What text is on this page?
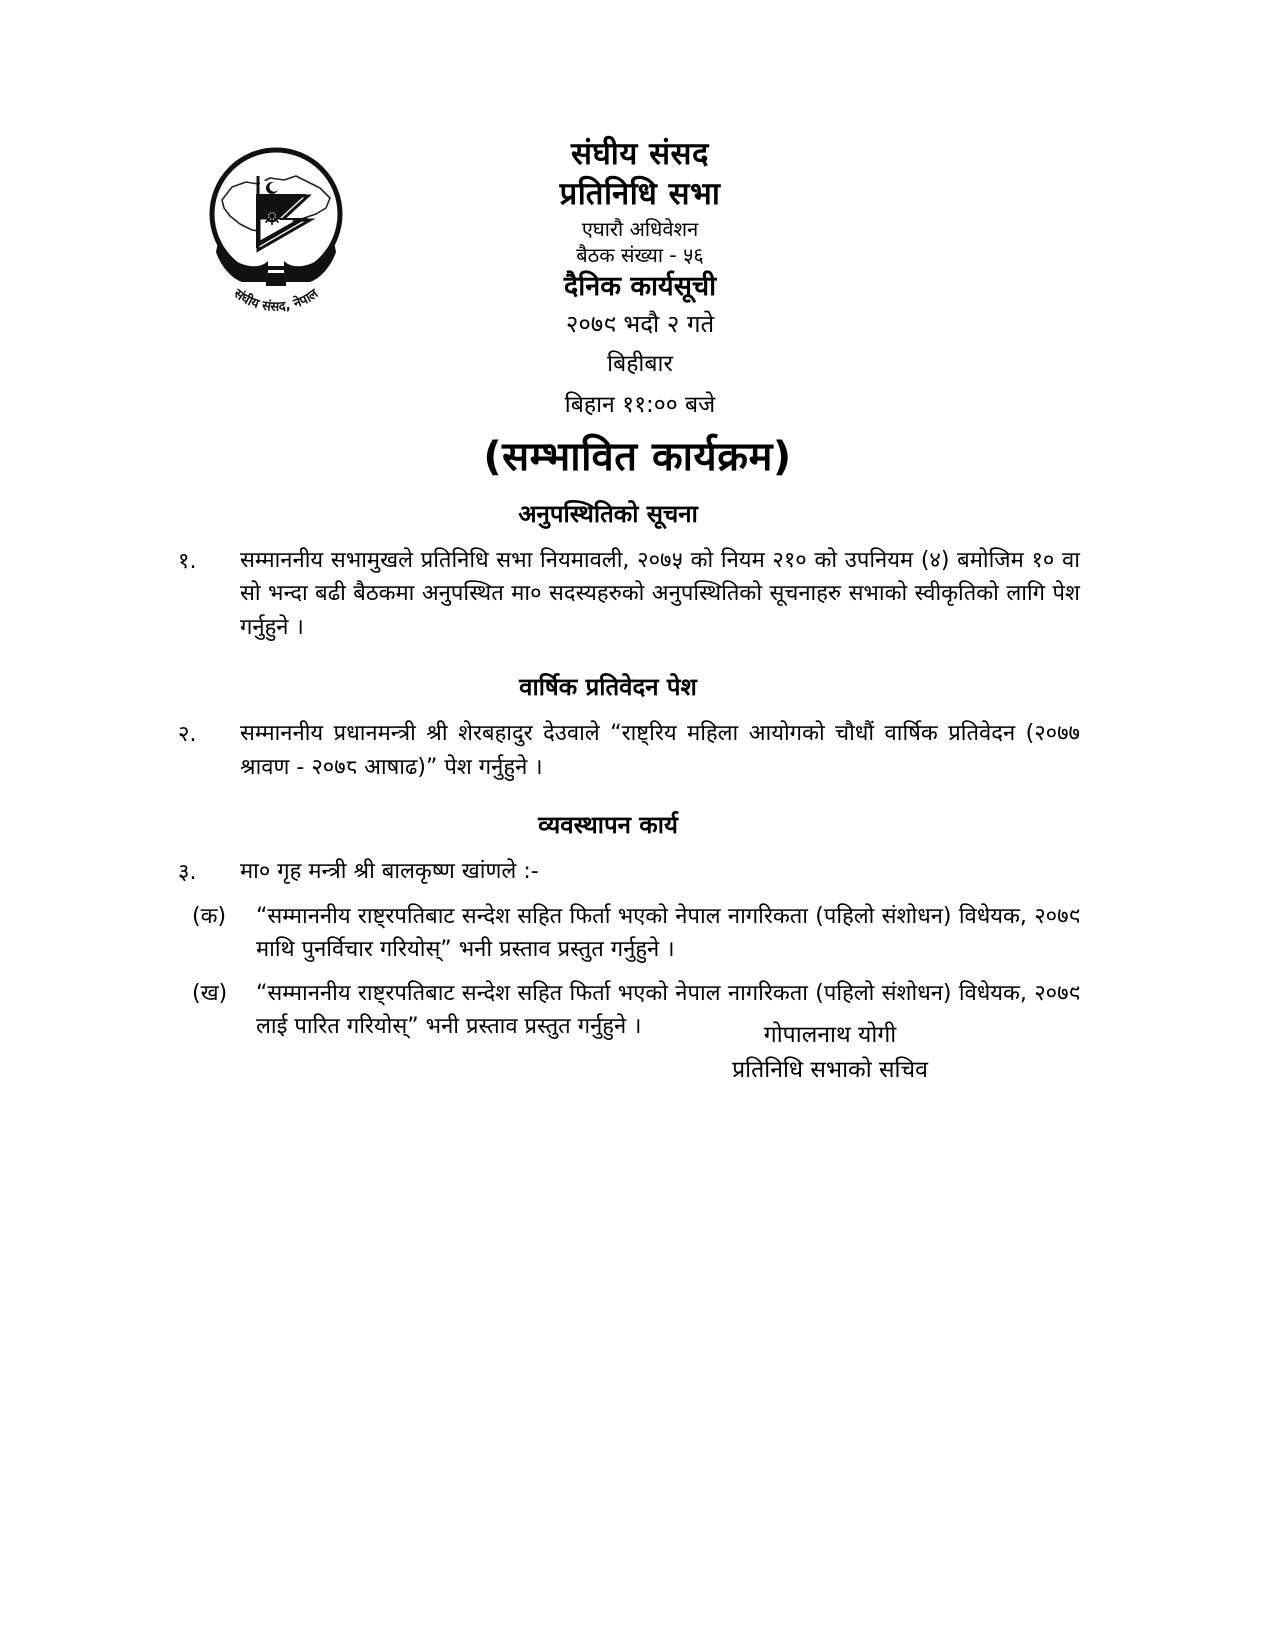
संघीय संसद, नेपाल
संघीय संसद
प्रतिनिधि सभा
एघारौ अधिवेशन
बैठक संख्या - ५६
दैनिक कार्यसूची
२०७९ भदौ २ गते
बिहीबार
बिहान ११:०० बजे
(सम्भावित कार्यक्रम)
अनुपस्थितिको सूचना
१.	सम्माननीय सभामुखले प्रतिनिधि सभा नियमावली, २०७५ को नियम २१० को उपनियम (४) बमोजिम १० वा सो भन्दा बढी बैठकमा अनुपस्थित मा० सदस्यहरुको अनुपस्थितिको सूचनाहरु सभाको स्वीकृतिको लागि पेश गर्नुहुने ।

वार्षिक प्रतिवेदन पेश
२.	सम्माननीय प्रधानमन्त्री श्री शेरबहादुर देउवाले “राष्ट्रिय महिला आयोगको चौधौं वार्षिक प्रतिवेदन (२०७७ श्रावण - २०७८ आषाढ)” पेश गर्नुहुने ।

व्यवस्थापन कार्य
३.	मा० गृह मन्त्री श्री बालकृष्ण खांणले :-

(क)	“सम्माननीय राष्ट्रपतिबाट सन्देश सहित फिर्ता भएको नेपाल नागरिकता (पहिलो संशोधन) विधेयक, २०७९ माथि पुनर्विचार गरियोस्” भनी प्रस्ताव प्रस्तुत गर्नुहुने ।

(ख)	“सम्माननीय राष्ट्रपतिबाट सन्देश सहित फिर्ता भएको नेपाल नागरिकता (पहिलो संशोधन) विधेयक, २०७९ लाई पारित गरियोस्” भनी प्रस्ताव प्रस्तुत गर्नुहुने ।	गोपालनाथ योगी

प्रतिनिधि सभाको सचिव
